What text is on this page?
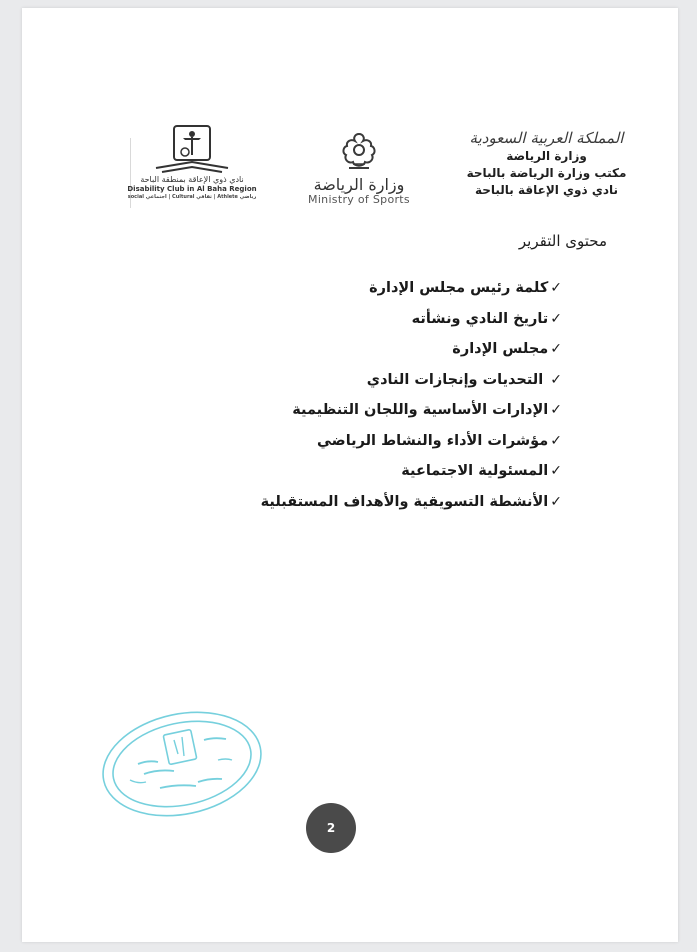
المملكة العربية السعودية
وزارة الرياضة
مكتب وزارة الرياضة بالباحة
نادي ذوي الإعاقة بالباحة
وزارة الرياضة
Ministry of Sports
نادي ذوي الإعاقة بمنطقة الباحة
Disability Club in Al Baha Region
social اجتماعي | Cultural ثقافي | Athlete رياضي
محتوى التقرير
✓
كلمة رئيس مجلس الإدارة
✓
تاريخ النادي ونشأته
✓
مجلس الإدارة
✓
التحديات وإنجازات النادي
✓
الإدارات الأساسية واللجان التنظيمية
✓
مؤشرات الأداء والنشاط الرياضي
✓
المسئولية الاجتماعية
✓
الأنشطة التسويقية والأهداف المستقبلية
2
